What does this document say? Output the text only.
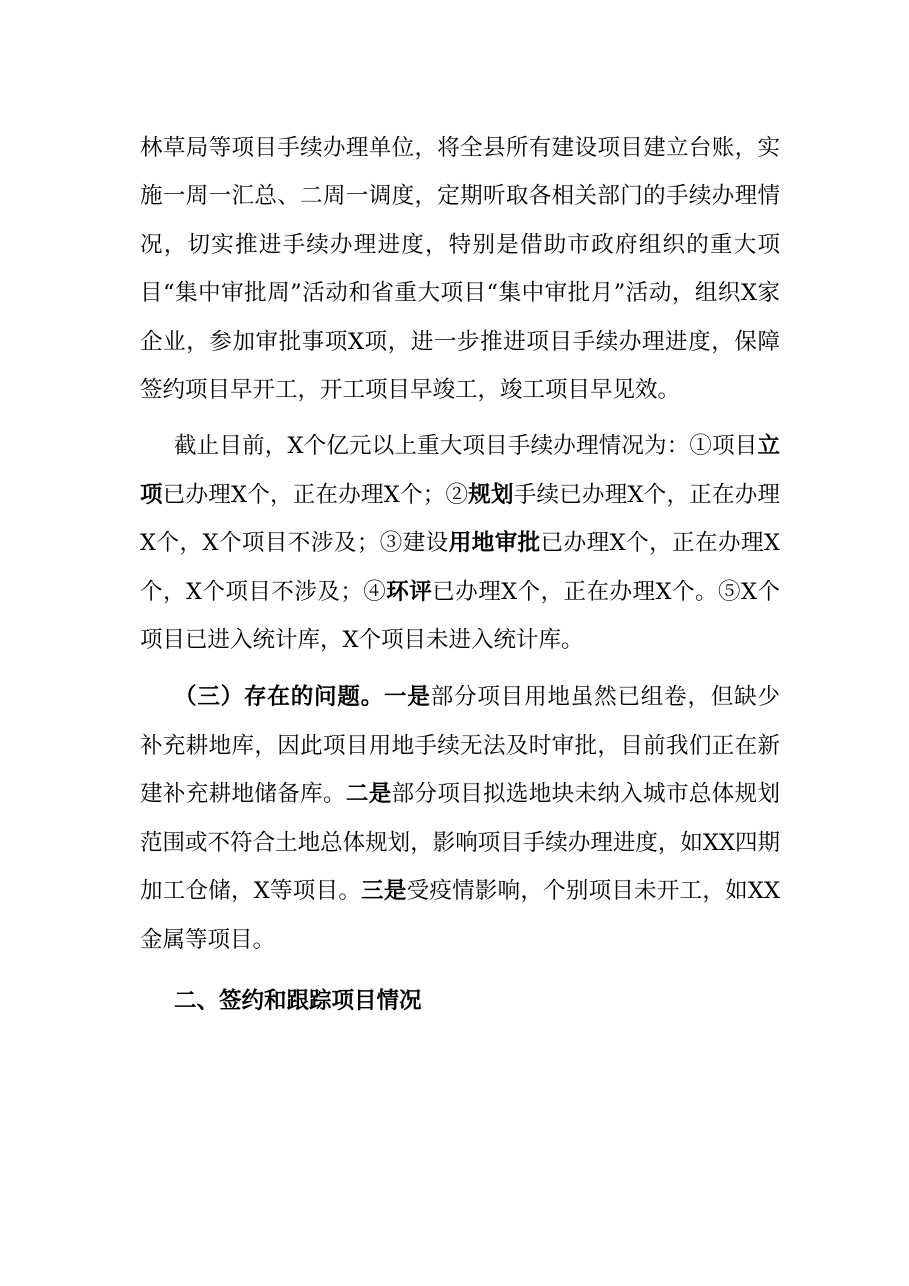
林草局等项目手续办理单位，将全县所有建设项目建立台账，实施一周一汇总、二周一调度，定期听取各相关部门的手续办理情况，切实推进手续办理进度，特别是借助市政府组织的重大项目“集中审批周”活动和省重大项目“集中审批月”活动，组织X家企业，参加审批事项X项，进一步推进项目手续办理进度，保障签约项目早开工，开工项目早竣工，竣工项目早见效。

截止目前，X个亿元以上重大项目手续办理情况为：①项目立项已办理X个，正在办理X个；②规划手续已办理X个，正在办理X个，X个项目不涉及；③建设用地审批已办理X个，正在办理X个，X个项目不涉及；④环评已办理X个，正在办理X个。⑤X个项目已进入统计库，X个项目未进入统计库。

（三）存在的问题。一是部分项目用地虽然已组卷，但缺少补充耕地库，因此项目用地手续无法及时审批，目前我们正在新建补充耕地储备库。二是部分项目拟选地块未纳入城市总体规划范围或不符合土地总体规划，影响项目手续办理进度，如XX四期加工仓储，X等项目。三是受疫情影响，个别项目未开工，如XX金属等项目。

二、签约和跟踪项目情况
